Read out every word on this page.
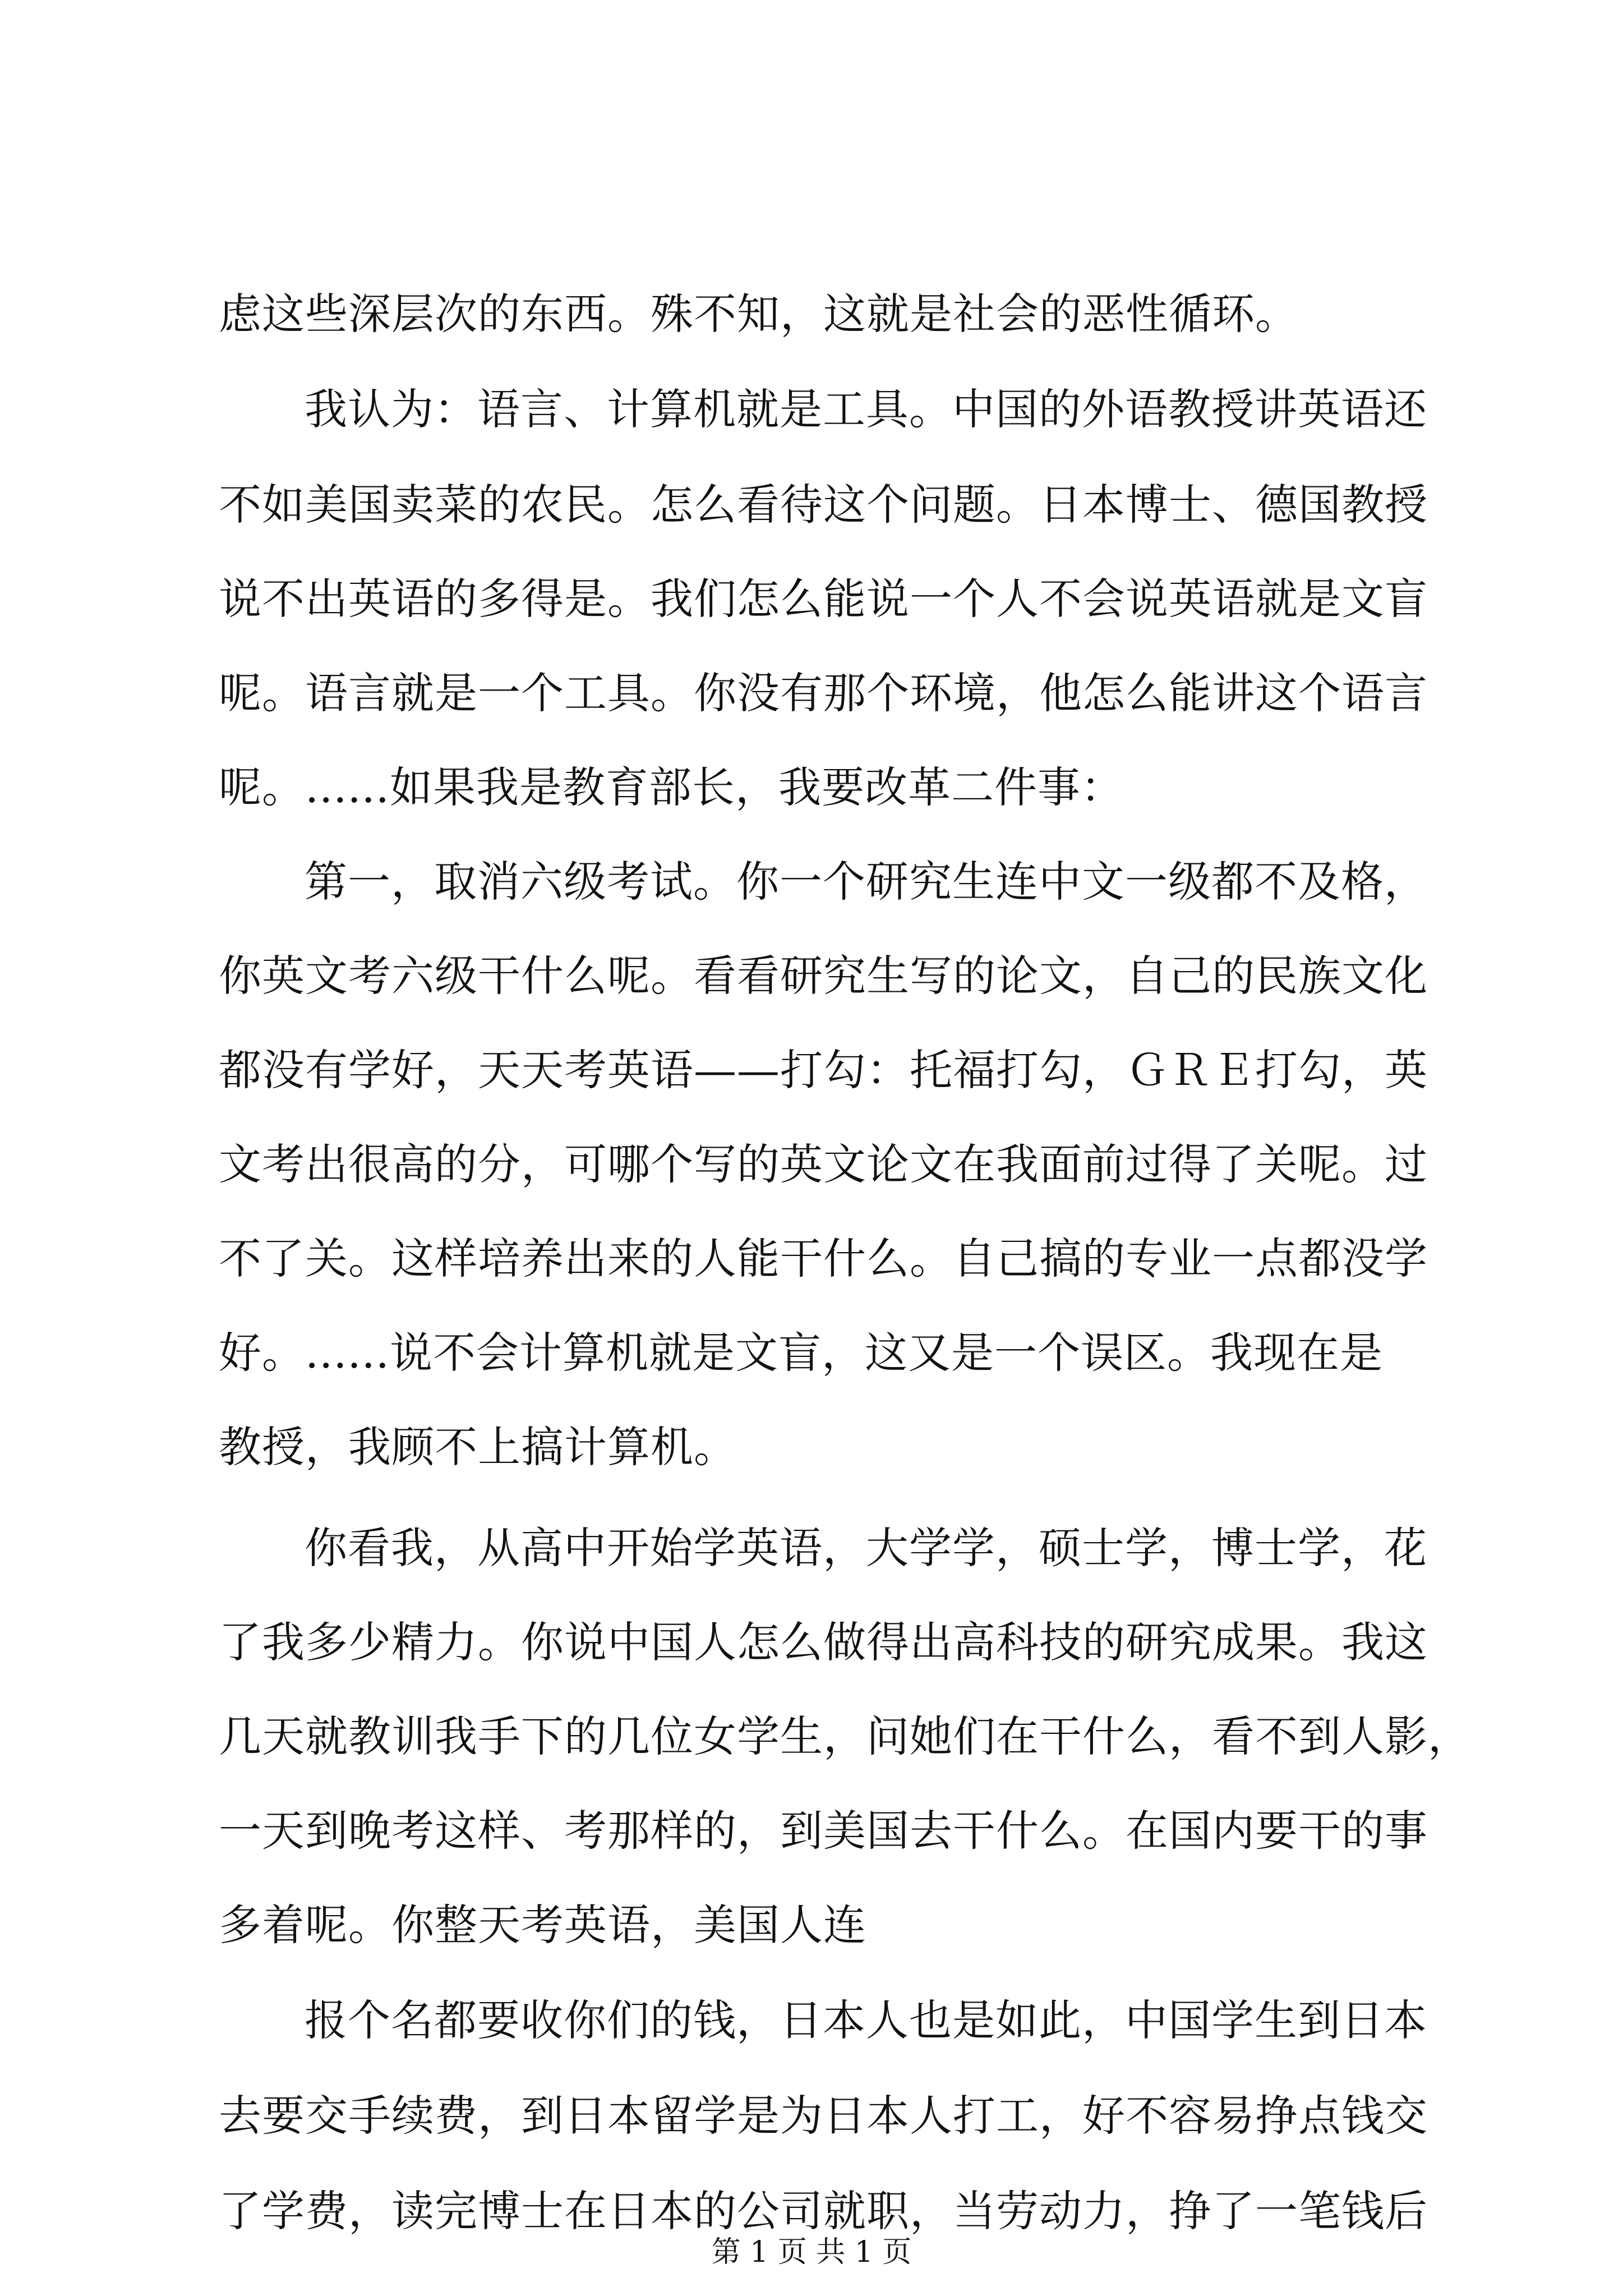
虑这些深层次的东西。殊不知，这就是社会的恶性循环。
我认为：语言、计算机就是工具。中国的外语教授讲英语还
不如美国卖菜的农民。怎么看待这个问题。日本博士、德国教授
说不出英语的多得是。我们怎么能说一个人不会说英语就是文盲
呢。语言就是一个工具。你没有那个环境，他怎么能讲这个语言
呢。......如果我是教育部长，我要改革二件事：
第一，取消六级考试。你一个研究生连中文一级都不及格，
你英文考六级干什么呢。看看研究生写的论文，自己的民族文化
都没有学好，天天考英语——打勾：托福打勾，ＧＲＥ打勾，英
文考出很高的分，可哪个写的英文论文在我面前过得了关呢。过
不了关。这样培养出来的人能干什么。自己搞的专业一点都没学
好。......说不会计算机就是文盲，这又是一个误区。我现在是
教授，我顾不上搞计算机。
你看我，从高中开始学英语，大学学，硕士学，博士学，花
了我多少精力。你说中国人怎么做得出高科技的研究成果。我这
几天就教训我手下的几位女学生，问她们在干什么，看不到人影，
一天到晚考这样、考那样的，到美国去干什么。在国内要干的事
多着呢。你整天考英语，美国人连
报个名都要收你们的钱，日本人也是如此，中国学生到日本
去要交手续费，到日本留学是为日本人打工，好不容易挣点钱交
了学费，读完博士在日本的公司就职，当劳动力，挣了一笔钱后
第 1 页 共 1 页
